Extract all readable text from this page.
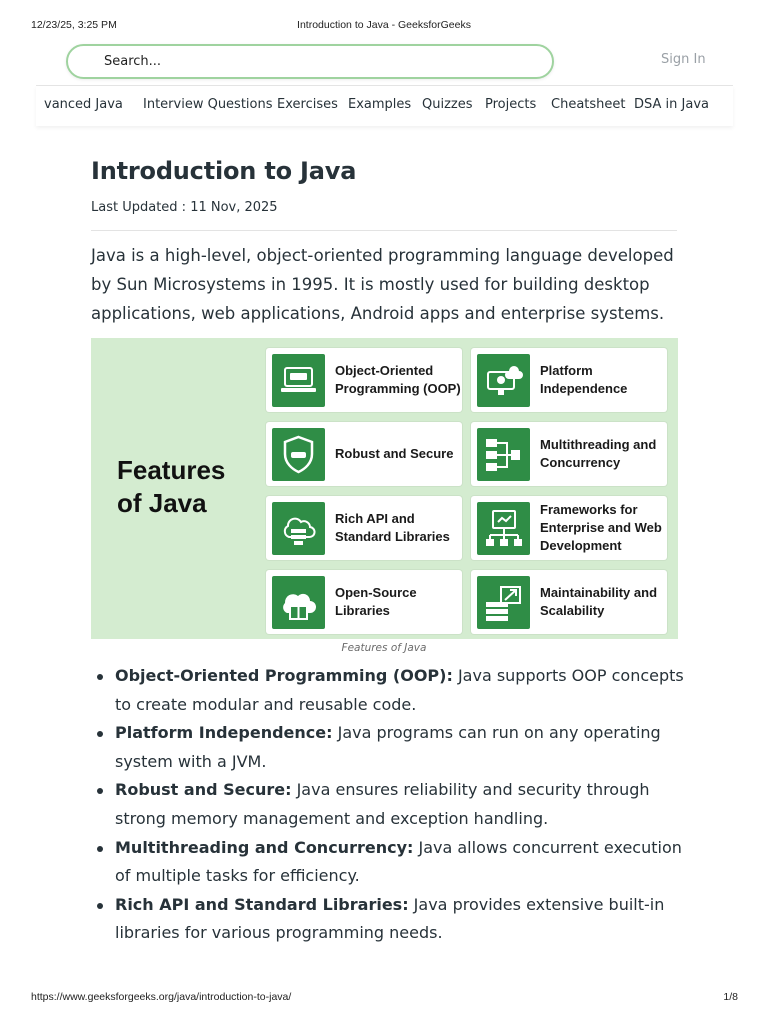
12/23/25, 3:25 PM	Introduction to Java - GeeksforGeeks
Search...	Sign In
vanced Java Interview Questions Exercises Examples Quizzes Projects Cheatsheet DSA in Java
Introduction to Java
Last Updated : 11 Nov, 2025

Java is a high-level, object-oriented programming language developed by Sun Microsystems in 1995. It is mostly used for building desktop applications, web applications, Android apps and enterprise systems.

Features
of Java
Object-Oriented Programming (OOP)
Platform Independence
Robust and Secure
Multithreading and Concurrency
Rich API and Standard Libraries
Frameworks for Enterprise and Web Development
Open-Source Libraries
Maintainability and Scalability
Features of Java
Object-Oriented Programming (OOP): Java supports OOP concepts to create modular and reusable code.
Platform Independence: Java programs can run on any operating system with a JVM.
Robust and Secure: Java ensures reliability and security through strong memory management and exception handling.
Multithreading and Concurrency: Java allows concurrent execution of multiple tasks for efficiency.
Rich API and Standard Libraries: Java provides extensive built-in libraries for various programming needs.
https://www.geeksforgeeks.org/java/introduction-to-java/	1/8
